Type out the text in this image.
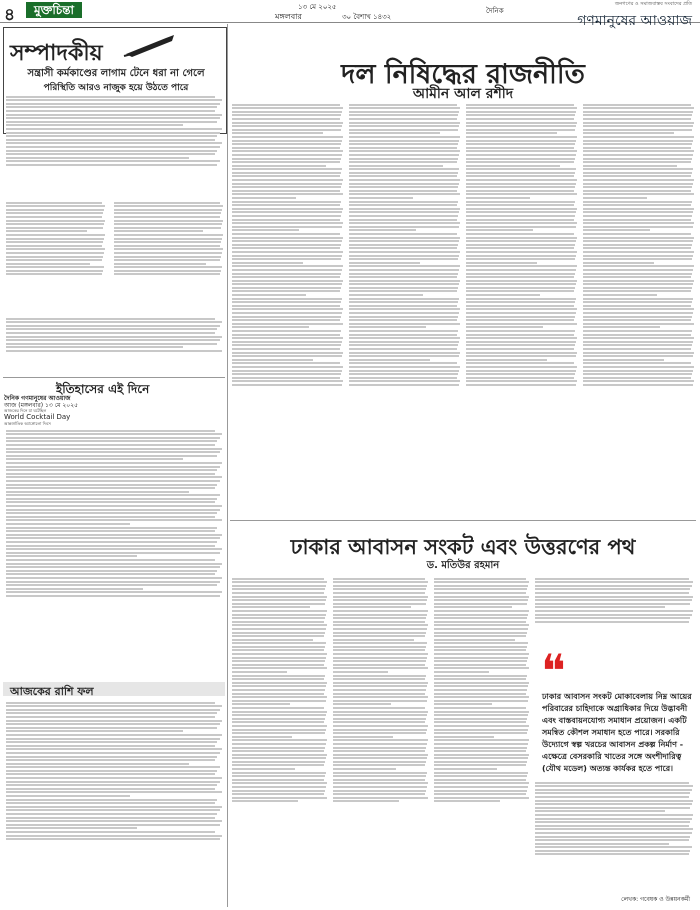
৪	মুক্তচিন্তা	১৩ মে ২০২৫
মঙ্গলবার	৩০ বৈশাখ ১৪৩২
দৈনিক
জনগণের ও সমাজবাস্তব সংবাদের প্রতি
গণমানুষের আওয়াজ
সম্পাদকীয়
সন্ত্রাসী কর্মকাণ্ডের লাগাম টেনে ধরা না গেলে
পরিস্থিতি আরও নাজুক হয়ে উঠতে পারে
ইতিহাসের এই দিনে
দৈনিক গণমানুষের আওয়াজ
আজ (মঙ্গলবার) ১৩ মে ২০২৫
আজকের দিনে যা ঘটেছিল
World Cocktail Day
আন্তর্জাতিক অ্যাঙ্গোলো দিবস
আজকের রাশি ফল
দল নিষিদ্ধের রাজনীতি
আমীন আল রশীদ
ঢাকার আবাসন সংকট এবং উত্তরণের পথ
ড. মতিউর রহমান
❝
ঢাকার আবাসন সংকট মোকাবেলায় নিম্ন আয়ের পরিবারের চাহিদাকে অগ্রাধিকার দিয়ে উদ্ভাবনী এবং বাস্তবায়নযোগ্য সমাধান প্রয়োজন। একটি সমন্বিত কৌশল সমাধান হতে পারে। সরকারি উদ্যোগে স্বল্প খরচের আবাসন প্রকল্প নির্মাণ - এক্ষেত্রে বেসরকারি খাতের সঙ্গে অংশীদারিত্ব (যৌথ মডেল) অত্যন্ত কার্যকর হতে পারে।
লেখক: গবেষক ও উন্নয়নকর্মী
